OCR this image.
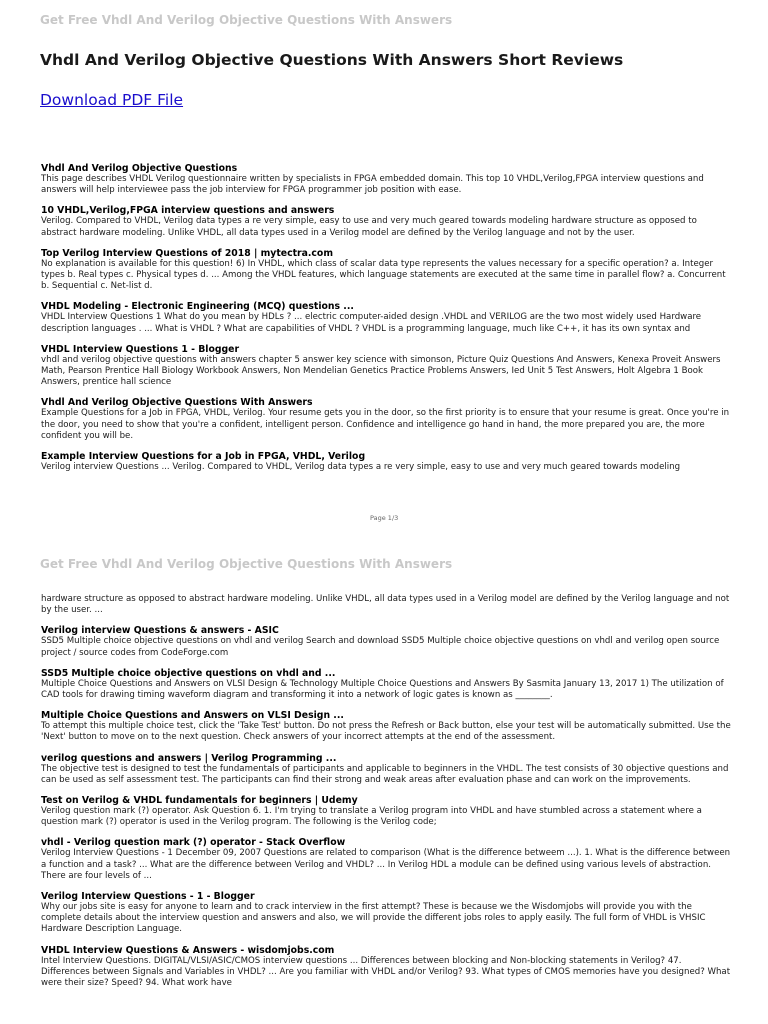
Get Free Vhdl And Verilog Objective Questions With Answers
Vhdl And Verilog Objective Questions With Answers Short Reviews
Download PDF File
Vhdl And Verilog Objective Questions

This page describes VHDL Verilog questionnaire written by specialists in FPGA embedded domain. This top 10 VHDL,Verilog,FPGA interview questions and answers will help interviewee pass the job interview for FPGA programmer job position with ease.

10 VHDL,Verilog,FPGA interview questions and answers

Verilog. Compared to VHDL, Verilog data types a re very simple, easy to use and very much geared towards modeling hardware structure as opposed to abstract hardware modeling. Unlike VHDL, all data types used in a Verilog model are defined by the Verilog language and not by the user.

Top Verilog Interview Questions of 2018 | mytectra.com

No explanation is available for this question! 6) In VHDL, which class of scalar data type represents the values necessary for a specific operation? a. Integer types b. Real types c. Physical types d. ... Among the VHDL features, which language statements are executed at the same time in parallel flow? a. Concurrent b. Sequential c. Net-list d.

VHDL Modeling - Electronic Engineering (MCQ) questions ...

VHDL Interview Questions 1 What do you mean by HDLs ? ... electric computer-aided design .VHDL and VERILOG are the two most widely used Hardware description languages . ... What is VHDL ? What are capabilities of VHDL ? VHDL is a programming language, much like C++, it has its own syntax and

VHDL Interview Questions 1 - Blogger

vhdl and verilog objective questions with answers chapter 5 answer key science with simonson, Picture Quiz Questions And Answers, Kenexa Proveit Answers Math, Pearson Prentice Hall Biology Workbook Answers, Non Mendelian Genetics Practice Problems Answers, Ied Unit 5 Test Answers, Holt Algebra 1 Book Answers, prentice hall science

Vhdl And Verilog Objective Questions With Answers

Example Questions for a Job in FPGA, VHDL, Verilog. Your resume gets you in the door, so the first priority is to ensure that your resume is great. Once you're in the door, you need to show that you're a confident, intelligent person. Confidence and intelligence go hand in hand, the more prepared you are, the more confident you will be.

Example Interview Questions for a Job in FPGA, VHDL, Verilog

Verilog interview Questions ... Verilog. Compared to VHDL, Verilog data types a re very simple, easy to use and very much geared towards modeling

Page 1/3
Get Free Vhdl And Verilog Objective Questions With Answers

hardware structure as opposed to abstract hardware modeling. Unlike VHDL, all data types used in a Verilog model are defined by the Verilog language and not by the user. ...

Verilog interview Questions & answers - ASIC

SSD5 Multiple choice objective questions on vhdl and verilog Search and download SSD5 Multiple choice objective questions on vhdl and verilog open source project / source codes from CodeForge.com

SSD5 Multiple choice objective questions on vhdl and ...

Multiple Choice Questions and Answers on VLSI Design & Technology Multiple Choice Questions and Answers By Sasmita January 13, 2017 1) The utilization of CAD tools for drawing timing waveform diagram and transforming it into a network of logic gates is known as ________.

Multiple Choice Questions and Answers on VLSI Design ...

To attempt this multiple choice test, click the 'Take Test' button. Do not press the Refresh or Back button, else your test will be automatically submitted. Use the 'Next' button to move on to the next question. Check answers of your incorrect attempts at the end of the assessment.

verilog questions and answers | Verilog Programming ...

The objective test is designed to test the fundamentals of participants and applicable to beginners in the VHDL. The test consists of 30 objective questions and can be used as self assessment test. The participants can find their strong and weak areas after evaluation phase and can work on the improvements.

Test on Verilog & VHDL fundamentals for beginners | Udemy

Verilog question mark (?) operator. Ask Question 6. 1. I'm trying to translate a Verilog program into VHDL and have stumbled across a statement where a question mark (?) operator is used in the Verilog program. The following is the Verilog code;

vhdl - Verilog question mark (?) operator - Stack Overflow

Verilog Interview Questions - 1 December 09, 2007 Questions are related to comparison (What is the difference betweem ...). 1. What is the difference between a function and a task? ... What are the difference between Verilog and VHDL? ... In Verilog HDL a module can be defined using various levels of abstraction. There are four levels of ...

Verilog Interview Questions - 1 - Blogger

Why our jobs site is easy for anyone to learn and to crack interview in the first attempt? These is because we the Wisdomjobs will provide you with the complete details about the interview question and answers and also, we will provide the different jobs roles to apply easily. The full form of VHDL is VHSIC Hardware Description Language.

VHDL Interview Questions & Answers - wisdomjobs.com

Intel Interview Questions. DIGITAL/VLSI/ASIC/CMOS interview questions ... Differences between blocking and Non-blocking statements in Verilog? 47. Differences between Signals and Variables in VHDL? ... Are you familiar with VHDL and/or Verilog? 93. What types of CMOS memories have you designed? What were their size? Speed? 94. What work have
